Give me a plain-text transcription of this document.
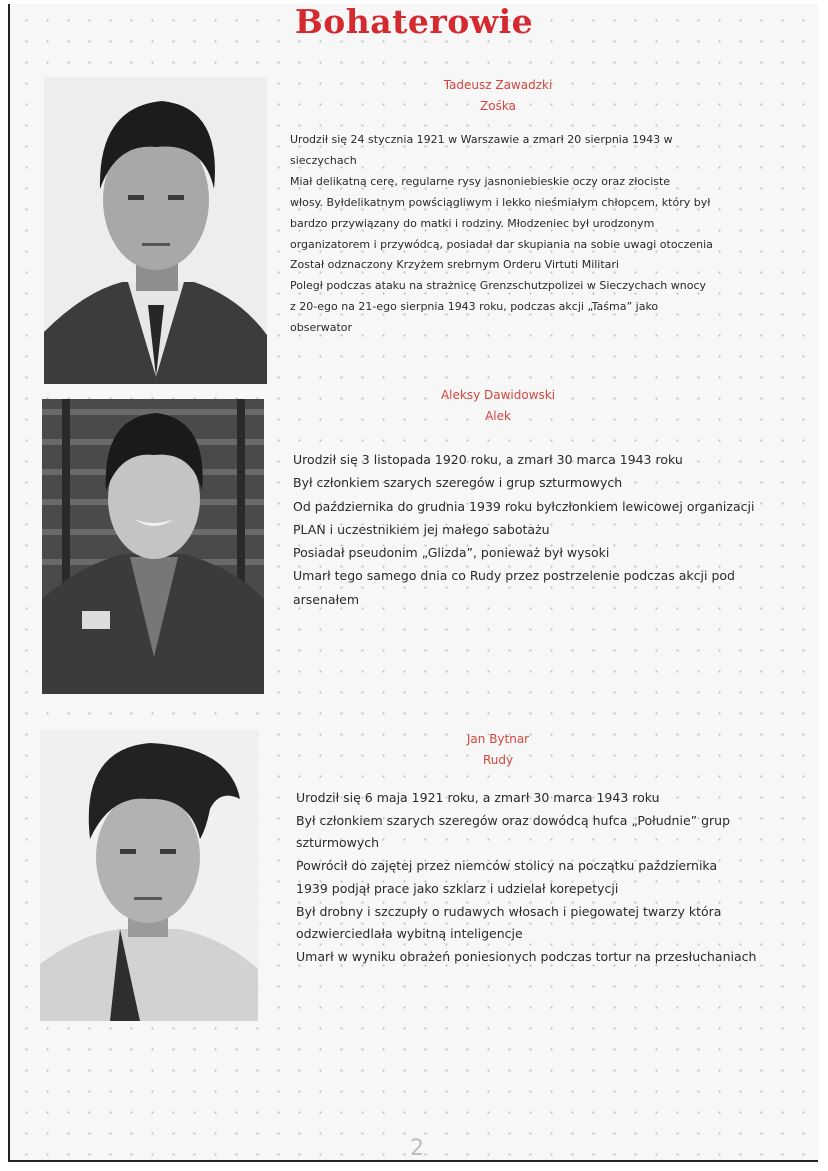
Bohaterowie
Tadeusz Zawadzki
Zośka
Urodził się 24 stycznia 1921 w Warszawie a zmarł 20 sierpnia 1943 w
sieczychach
Miał delikatną cerę, regularne rysy jasnoniebieskie oczy oraz złociste
włosy. Byłdelikatnym powściągliwym i lekko nieśmiałym chłopcem, który był
bardzo przywiązany do matki i rodziny. Młodzeniec był urodzonym
organizatorem i przywódcą, posiadał dar skupiania na sobie uwagi otoczenia
Został odznaczony Krzyżem srebrnym Orderu Virtuti Militari
Poległ podczas ataku na strażnicę Grenzschutzpolizei w Sieczychach wnocy
z 20-ego na 21-ego sierpnia 1943 roku, podczas akcji „Taśma” jako
obserwator
Aleksy Dawidowski
Alek
Urodził się 3 listopada 1920 roku, a zmarł 30 marca 1943 roku
Był członkiem szarych szeregów i grup szturmowych
Od października do grudnia 1939 roku byłczłonkiem lewicowej organizacji
PLAN i uczestnikiem jej małego sabotażu
Posiadał pseudonim „Glizda”, ponieważ był wysoki
Umarł tego samego dnia co Rudy przez postrzelenie podczas akcji pod
arsenałem
Jan Bytnar
Rudy
Urodził się 6 maja 1921 roku, a zmarł 30 marca 1943 roku
Był członkiem szarych szeregów oraz dowódcą hufca „Południe” grup
szturmowych
Powrócił do zajętej przez niemców stolicy na początku października
1939 podjął prace jako szklarz i udzielał korepetycji
Był drobny i szczupły o rudawych włosach i piegowatej twarzy która
odzwierciedlała wybitną inteligencje
Umarł w wyniku obrażeń poniesionych podczas tortur na przesłuchaniach
2
